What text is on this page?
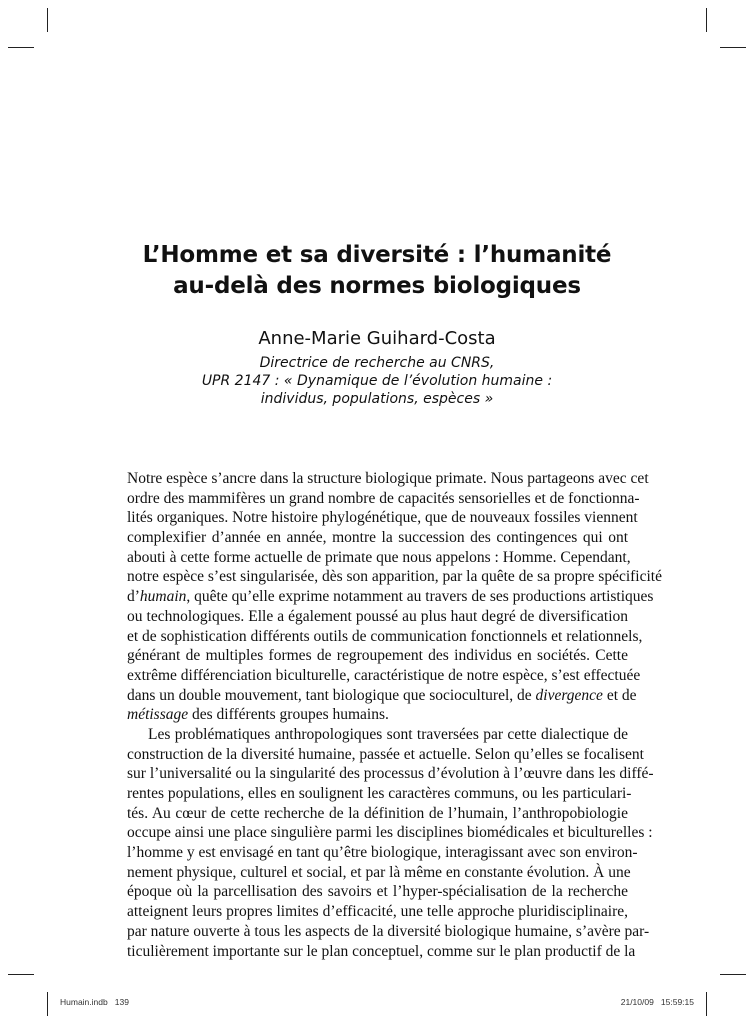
L’Homme et sa diversité : l’humanité
au-delà des normes biologiques
Anne-Marie Guihard-Costa
Directrice de recherche au CNRS,
UPR 2147 : « Dynamique de l’évolution humaine :
individus, populations, espèces »
Notre espèce s’ancre dans la structure biologique primate. Nous partageons avec cet
ordre des mammifères un grand nombre de capacités sensorielles et de fonctionna-
lités organiques. Notre histoire phylogénétique, que de nouveaux fossiles viennent
complexifier d’année en année, montre la succession des contingences qui ont
abouti à cette forme actuelle de primate que nous appelons : Homme. Cependant,
notre espèce s’est singularisée, dès son apparition, par la quête de sa propre spécificité
d’humain, quête qu’elle exprime notamment au travers de ses productions artistiques
ou technologiques. Elle a également poussé au plus haut degré de diversification
et de sophistication différents outils de communication fonctionnels et relationnels,
générant de multiples formes de regroupement des individus en sociétés. Cette
extrême différenciation biculturelle, caractéristique de notre espèce, s’est effectuée
dans un double mouvement, tant biologique que socioculturel, de divergence et de
métissage des différents groupes humains.
Les problématiques anthropologiques sont traversées par cette dialectique de
construction de la diversité humaine, passée et actuelle. Selon qu’elles se focalisent
sur l’universalité ou la singularité des processus d’évolution à l’œuvre dans les diffé-
rentes populations, elles en soulignent les caractères communs, ou les particulari-
tés. Au cœur de cette recherche de la définition de l’humain, l’anthropobiologie
occupe ainsi une place singulière parmi les disciplines biomédicales et biculturelles :
l’homme y est envisagé en tant qu’être biologique, interagissant avec son environ-
nement physique, culturel et social, et par là même en constante évolution. À une
époque où la parcellisation des savoirs et l’hyper-spécialisation de la recherche
atteignent leurs propres limites d’efficacité, une telle approche pluridisciplinaire,
par nature ouverte à tous les aspects de la diversité biologique humaine, s’avère par-
ticulièrement importante sur le plan conceptuel, comme sur le plan productif de la
Humain.indb   139	21/10/09   15:59:15
